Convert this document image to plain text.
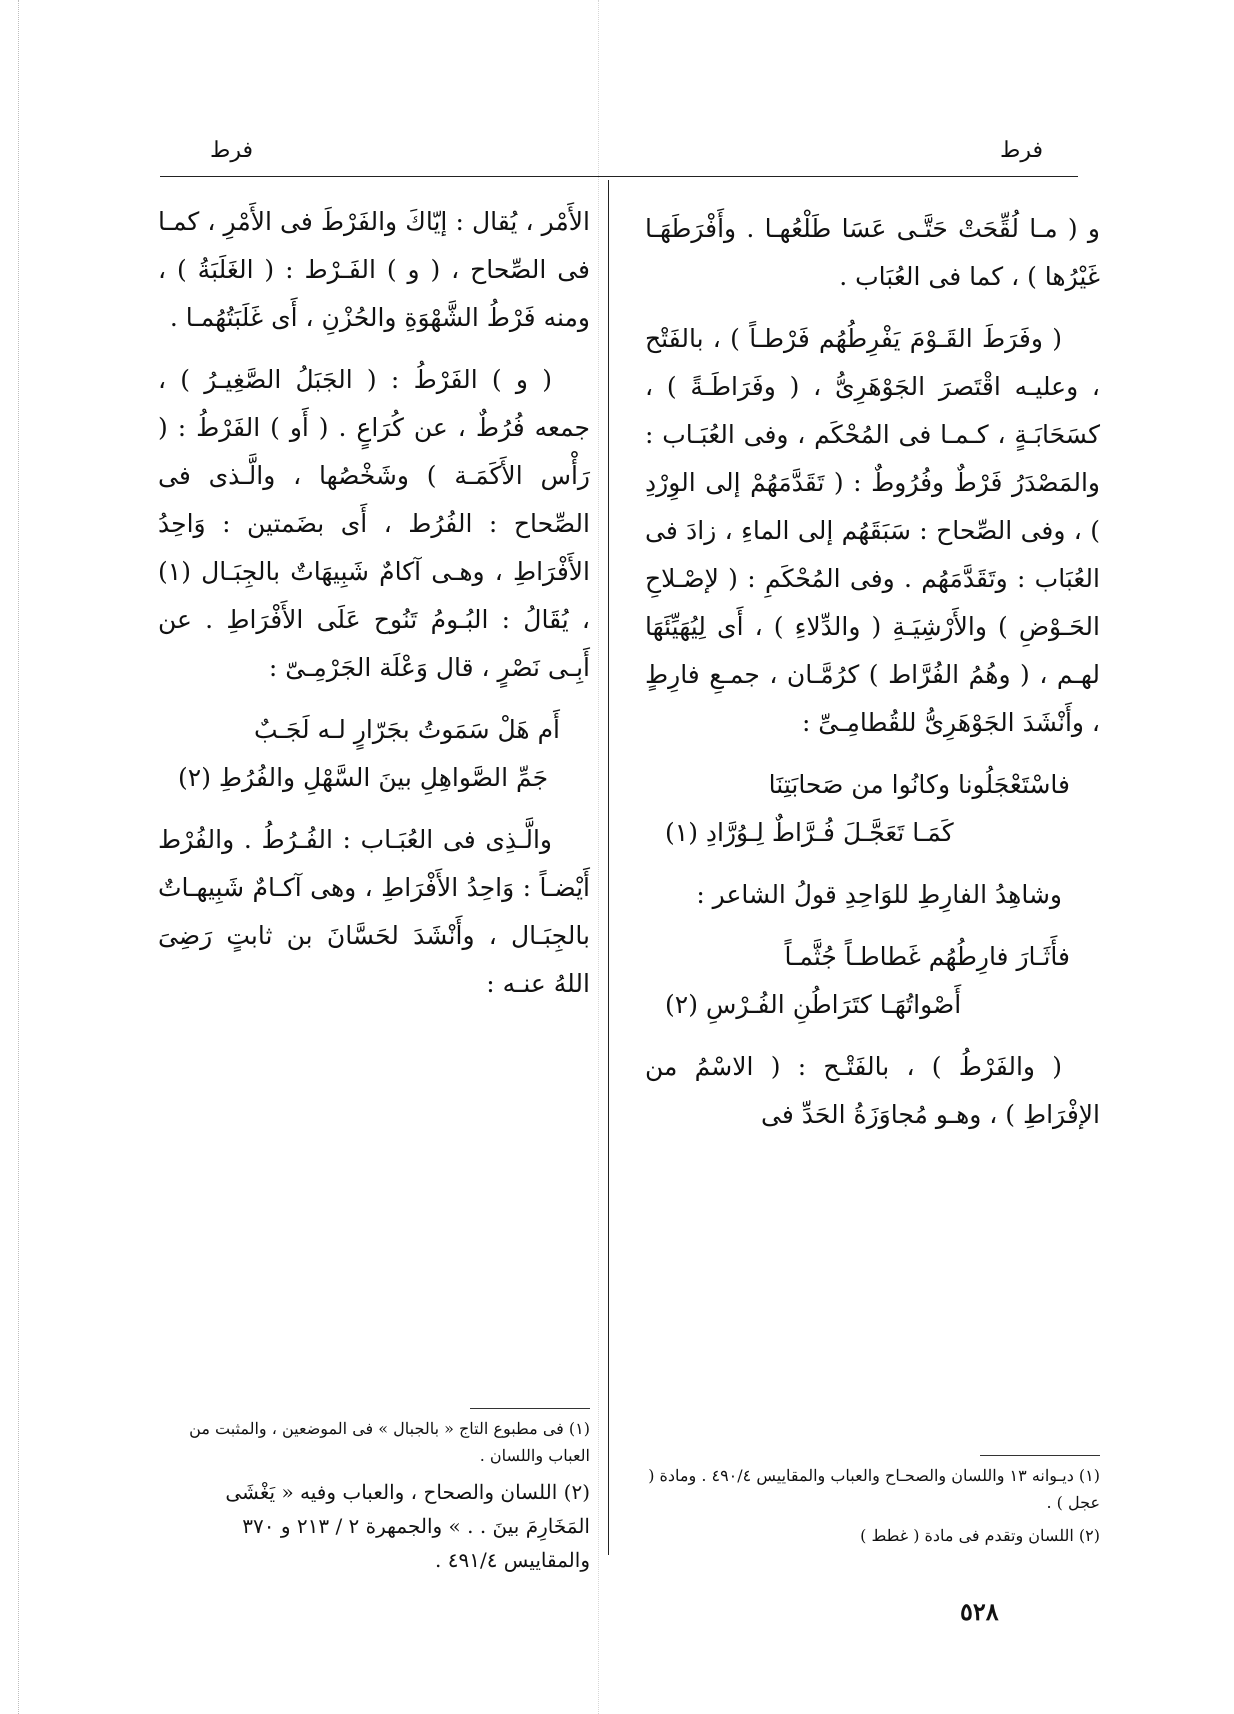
فرط	فرط

و ( مـا لُقِّحَتْ حَتَّـى عَسَا طَلْعُهـا . وأَفْرَطَهَـا غَيْرُها ) ، كما فى العُبَاب .

( وفَرَطَ القَـوْمَ يَفْرِطُهُم فَرْطـاً ) ، بالفَتْح ، وعليـه اقْتَصرَ الجَوْهَرِىُّ ، ( وفَرَاطَـةً ) ، كسَحَابَـةٍ ، كـمـا فى المُحْكَم ، وفى العُبَـاب : والمَصْدَرُ فَرْطٌ وفُرُوطٌ : ( تَقَدَّمَهُمْ إلى الوِرْدِ ) ، وفى الصِّحاح : سَبَقَهُم إلى الماءِ ، زادَ فى العُبَاب : وتَقَدَّمَهُم . وفى المُحْكَمِ : ( لإصْـلاحِ الحَـوْضِ ) والأَرْشِيَـةِ ( والدِّلاءِ ) ، أَى لِيُهَيِّئَهَا لهـم ، ( وهُمُ الفُرَّاط ) كرُمَّـان ، جمـعِ فارِطٍ ، وأَنْشَدَ الجَوْهَرِىُّ للقُطامِـىِّ :

فاسْتَعْجَلُونا وكانُوا من صَحابَتِنَا
كَمَـا تَعَجَّـلَ فُـرَّاطٌ لِـوُرَّادِ (١)

وشاهِدُ الفارِطِ للوَاحِدِ قولُ الشاعر :

فأَثَـارَ فارِطُهُم غَطاطـاً جُثَّمـاً
أَصْواتُهَـا كتَرَاطُنِ الفُـرْسِ (٢)

( والفَرْطُ ) ، بالفَتْـح : ( الاسْمُ من الإفْرَاطِ ) ، وهـو مُجاوَزَةُ الحَدِّ فى

الأَمْر ، يُقال : إيّاكَ والفَرْطَ فى الأَمْرِ ، كمـا فى الصِّحاح ، ( و ) الفَـرْط : ( الغَلَبَةُ ) ، ومنه فَرْطُ الشَّهْوَةِ والحُزْنِ ، أَى غَلَبَتُهُمـا .

( و ) الفَرْطُ : ( الجَبَلُ الصَّغِيـرُ ) ، جمعه فُرُطٌ ، عن كُرَاعٍ . ( أَو ) الفَرْطُ : ( رَأْس الأَكَمَـة ) وشَخْصُها ، والَّـذى فى الصِّحاح : الفُرُط ، أَى بضَمتين : وَاحِدُ الأَفْرَاطِ ، وهـى آكامٌ شَبِيهَاتٌ بالجِبَـال (١) ، يُقَالُ : البُـومُ تَنُوح عَلَى الأَفْرَاطِ . عن أَبِـى نَصْرٍ ، قال وَعْلَة الجَرْمِـىّ :

أَم هَلْ سَمَوتُ بجَرّارٍ لـه لَجَـبٌ
جَمِّ الصَّواهِلِ بينَ السَّهْلِ والفُرُطِ (٢)

والَّـذِى فى العُبَـاب : الفُـرُطُ . والفُرْط أَيْضـاً : وَاحِدُ الأَفْرَاطِ ، وهى آكـامٌ شَبِيهـاتٌ بالجِبَـال ، وأَنْشَدَ لحَسَّانَ بن ثابتٍ رَضِىَ اللهُ عنـه :

(١) فى مطبوع التاج « بالجبال » فى الموضعين ، والمثبت من العباب واللسان .

(٢) اللسان والصحاح ، والعباب وفيه « يَغْشَى المَخَارِمَ بينَ . . » والجمهرة ٢ / ٢١٣ و ٣٧٠ والمقاييس ٤٩١/٤ .

(١) ديـوانه ١٣ واللسان والصحـاح والعباب والمقاييس ٤٩٠/٤ . ومادة ( عجل ) .

(٢) اللسان وتقدم فى مادة ( غطط )

٥٢٨
